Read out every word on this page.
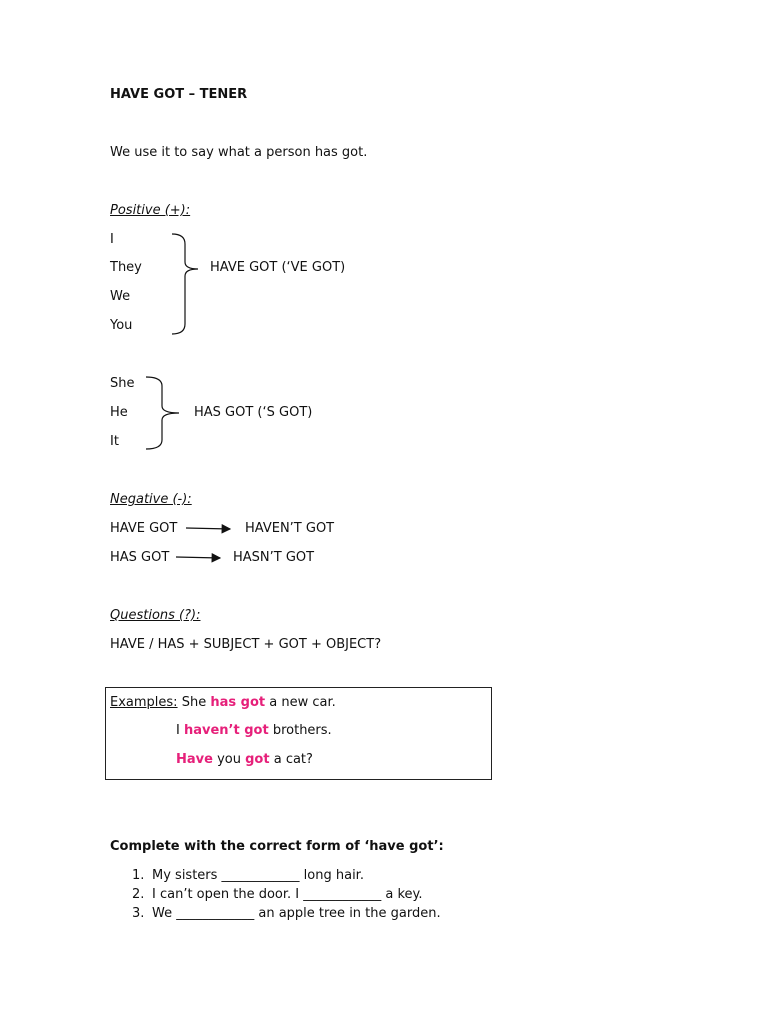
HAVE GOT – TENER
We use it to say what a person has got.
Positive (+):
I
They
We
You
HAVE GOT (‘VE GOT)
She
He
It
HAS GOT (‘S GOT)
Negative (-):
HAVE GOT	HAVEN’T GOT
HAS GOT	HASN’T GOT
Questions (?):
HAVE / HAS + SUBJECT + GOT + OBJECT?
Examples: She has got a new car.
I haven’t got brothers.
Have you got a cat?
Complete with the correct form of ‘have got’:
1. My sisters ____________ long hair.
2. I can’t open the door. I ____________ a key.
3. We ____________ an apple tree in the garden.
